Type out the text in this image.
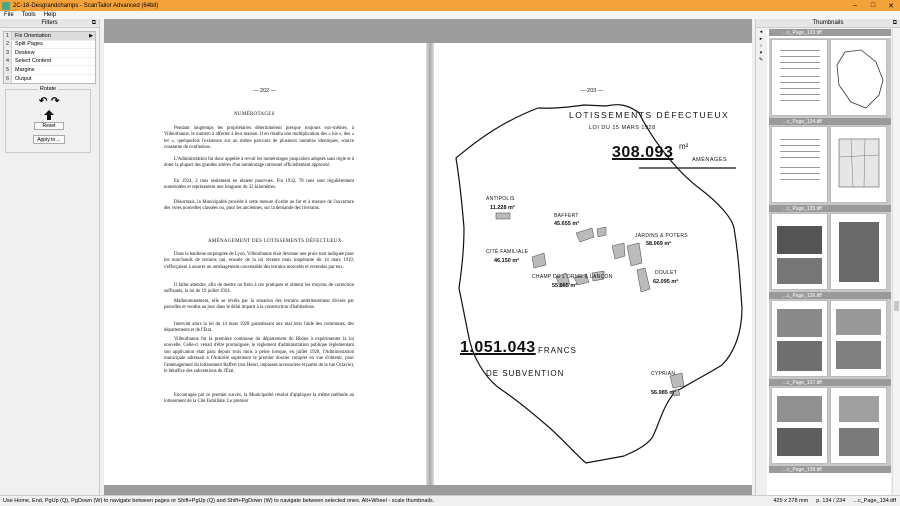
2C-18-Desgrandchamps - ScanTailor Advanced (64bit)	–	□	✕
File	Tools	Help
Filters	⧉
1	Fix Orientation	▶
2	Split Pages
3	Deskew
4	Select Content
5	Margins
6	Output
Rotate
↶ ↷
Reset
Apply to ...
— 202 —
NUMÉROTAGES
Pendant longtemps les propriétaires déterminèrent presque toujours eux-mêmes, à Villeurbanne, le numéro à affecter à leur maison. Il en résulta une multiplication des « bis », des « ter », quelquefois l'existence sur un même parcours de plusieurs numéros identiques, source constante de confusions.
L'Administration fut donc appelée à revoir les numérotages jusqu'alors adoptés sans règle et à doter la plupart des grandes artères d'un numérotage rationnel officiellement approuvé.
En 1924, 2 rues seulement en étaient pourvues. Fin 1932, 78 rues sont régulièrement numérotées et représentent une longueur de 32 kilomètres.
Désormais, la Municipalité procède à cette mesure d'ordre au fur et à mesure de l'ouverture des voies nouvelles classées ou, pour les anciennes, sur la demande des riverains.
AMÉNAGEMENT DES LOTISSEMENTS DÉFECTUEUX
Dans la banlieue surpeuplée de Lyon, Villeurbanne était devenue une proie tout indiquée pour les marchands de terrains qui, ensuite de la loi récente mais inopérante du 14 mars 1919, s'efforçaient à assurer un aménagement convenable des terrains morcelés et revendus par eux.
Il fallut attendre, afin de mettre un frein à ces pratiques et obtenir les moyens de correction suffisants, la loi du 19 juillet 1924.
Malheureusement, elle se révéla par la situation des terrains antérieurement divisés par parcelles et vendus au jour dans le délai imparti à la construction d'habitations.
Intervint alors la loi du 14 mars 1928 garantissant aux mal lotis l'aide des communes, des départements et de l'État.
Villeurbanne fut la première commune du département du Rhône à expérimenter la loi nouvelle. Celle-ci venait d'être promulguée, le règlement d'administration publique réglementant son application était paru depuis trois mois à peine lorsque, en juillet 1928, l'Administration municipale adressait à l'Autorité supérieure le premier dossier complet en vue d'obtenir, pour l'aménagement du lotissement Baffert (rue Henri, impasses accessoires et partie de la rue Octavie), le bénéfice des subventions de l'État.
Encouragée par ce premier succès, la Municipalité résolut d'appliquer la même méthode au lotissement de la Cité Familiale. Le premier
— 203 —
LOTISSEMENTS DÉFECTUEUX
LOI DU 15 MARS 1928
308.093 m²
AMÉNAGÉS
ANTIPOLIS
11.228 m²
BAFFERT
45.655 m²
JARDINS & POTERS
58.069 m²
CITÉ FAMILIALE
46.150 m²
CHAMP DE L'ORME & LANÇON
55.955 m²
DOULET
62.095 m²
1.051.043 FRANCS
DE SUBVENTION	CYPRIAN
56.985 m²
Thumbnails	⧉
◂
▸
↕
▾
✎
...c_Page_133.tiff
...c_Page_134.tiff
...c_Page_135.tiff
...c_Page_136.tiff
...c_Page_137.tiff
...c_Page_138.tiff
Use Home, End, PgUp (Q), PgDown (W) to navigate between pages or Shift+PgUp (Q) and Shift+PgDown (W) to navigate between selected ones. Alt+Wheel - scale thumbnails.	425 x 278 mm	p. 134 / 234	...c_Page_134.tiff
